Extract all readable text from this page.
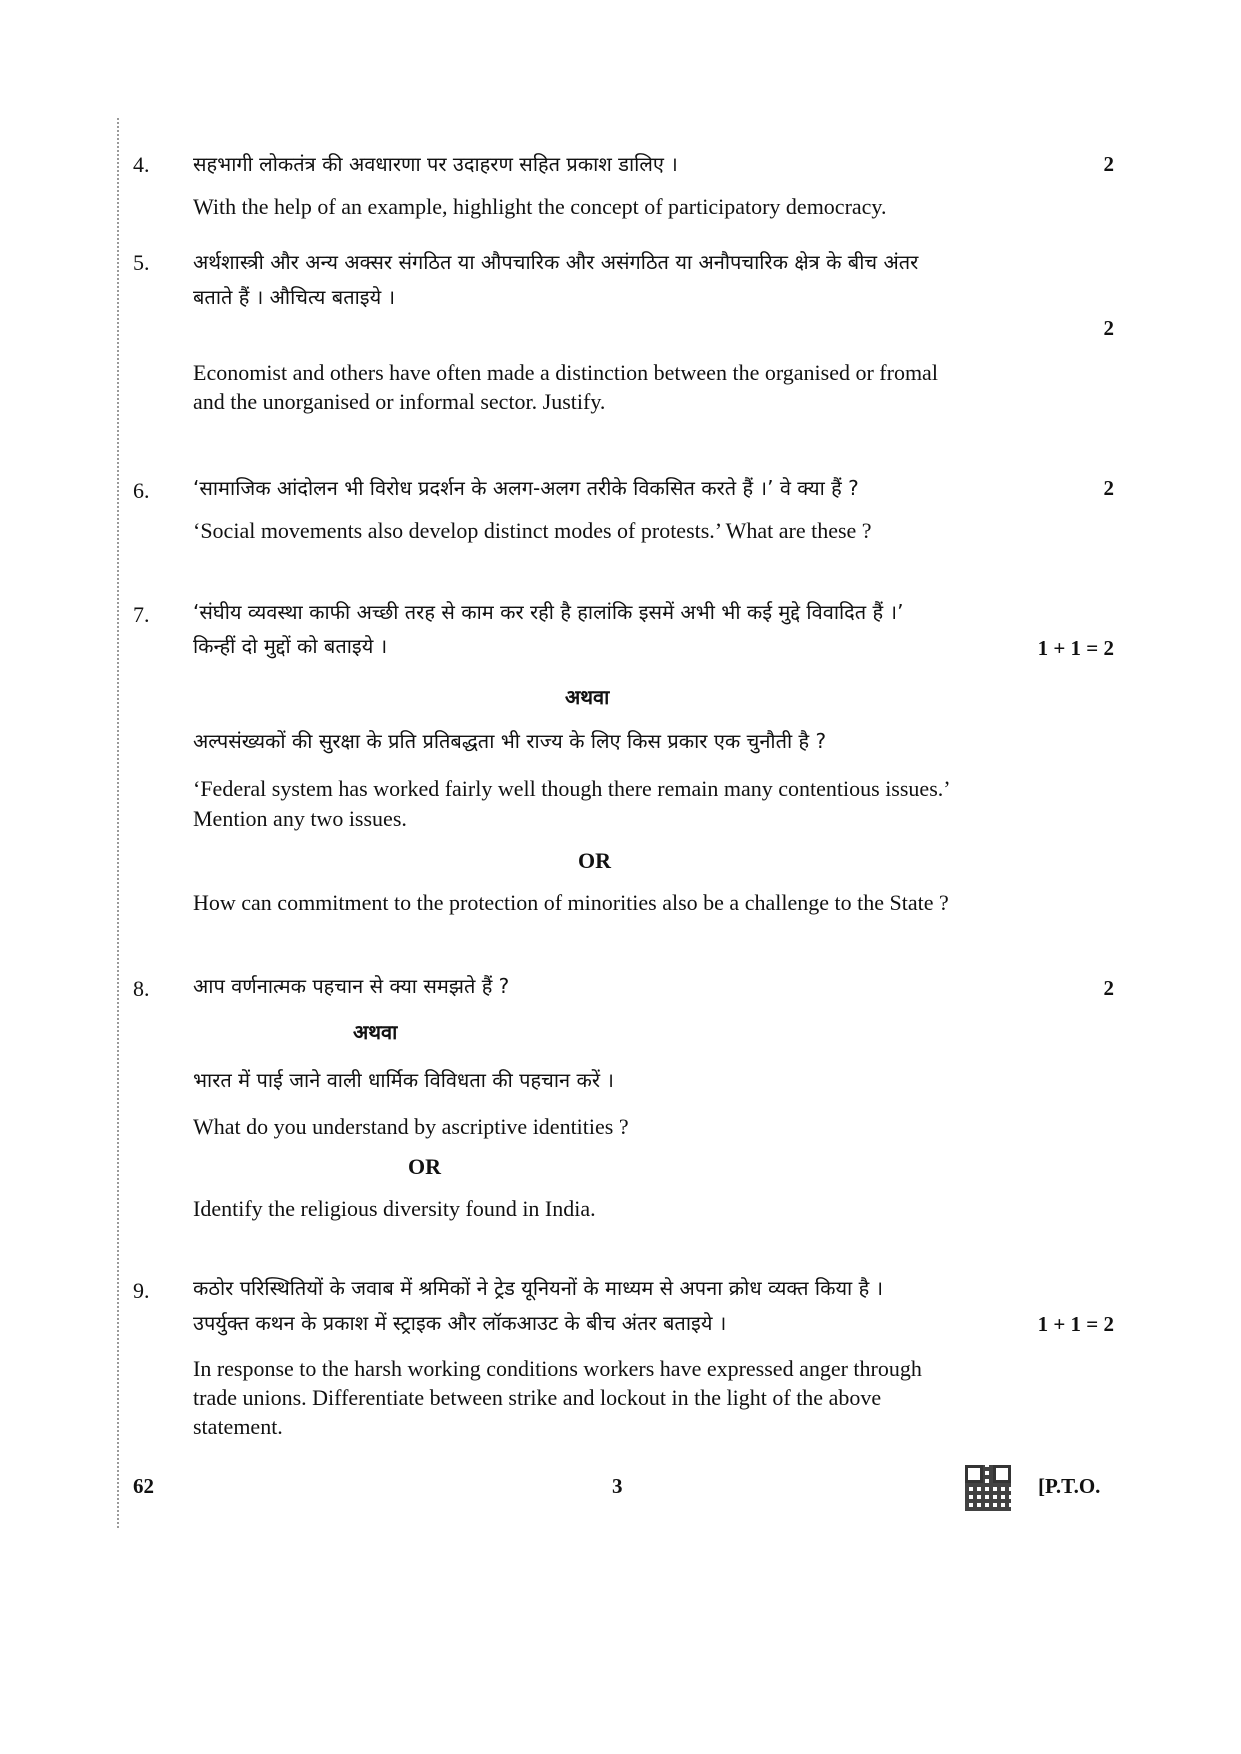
4. सहभागी लोकतंत्र की अवधारणा पर उदाहरण सहित प्रकाश डालिए ।	2
With the help of an example, highlight the concept of participatory democracy.
5. अर्थशास्त्री और अन्य अक्सर संगठित या औपचारिक और असंगठित या अनौपचारिक क्षेत्र के बीच अंतर
बताते हैं । औचित्य बताइये ।
2
Economist and others have often made a distinction between the organised or fromal
and the unorganised or informal sector. Justify.
6. ‘सामाजिक आंदोलन भी विरोध प्रदर्शन के अलग-अलग तरीके विकसित करते हैं ।’ वे क्या हैं ?	2
‘Social movements also develop distinct modes of protests.’ What are these ?
7. ‘संघीय व्यवस्था काफी अच्छी तरह से काम कर रही है हालांकि इसमें अभी भी कई मुद्दे विवादित हैं ।’
किन्हीं दो मुद्दों को बताइये ।	1 + 1 = 2
अथवा
अल्पसंख्यकों की सुरक्षा के प्रति प्रतिबद्धता भी राज्य के लिए किस प्रकार एक चुनौती है ?
‘Federal system has worked fairly well though there remain many contentious issues.’
Mention any two issues.
OR
How can commitment to the protection of minorities also be a challenge to the State ?
8. आप वर्णनात्मक पहचान से क्या समझते हैं ?	2
अथवा
भारत में पाई जाने वाली धार्मिक विविधता की पहचान करें ।
What do you understand by ascriptive identities ?
OR
Identify the religious diversity found in India.
9. कठोर परिस्थितियों के जवाब में श्रमिकों ने ट्रेड यूनियनों के माध्यम से अपना क्रोध व्यक्त किया है ।
उपर्युक्त कथन के प्रकाश में स्ट्राइक और लॉकआउट के बीच अंतर बताइये ।	1 + 1 = 2
In response to the harsh working conditions workers have expressed anger through
trade unions. Differentiate between strike and lockout in the light of the above
statement.
62	3	[P.T.O.
